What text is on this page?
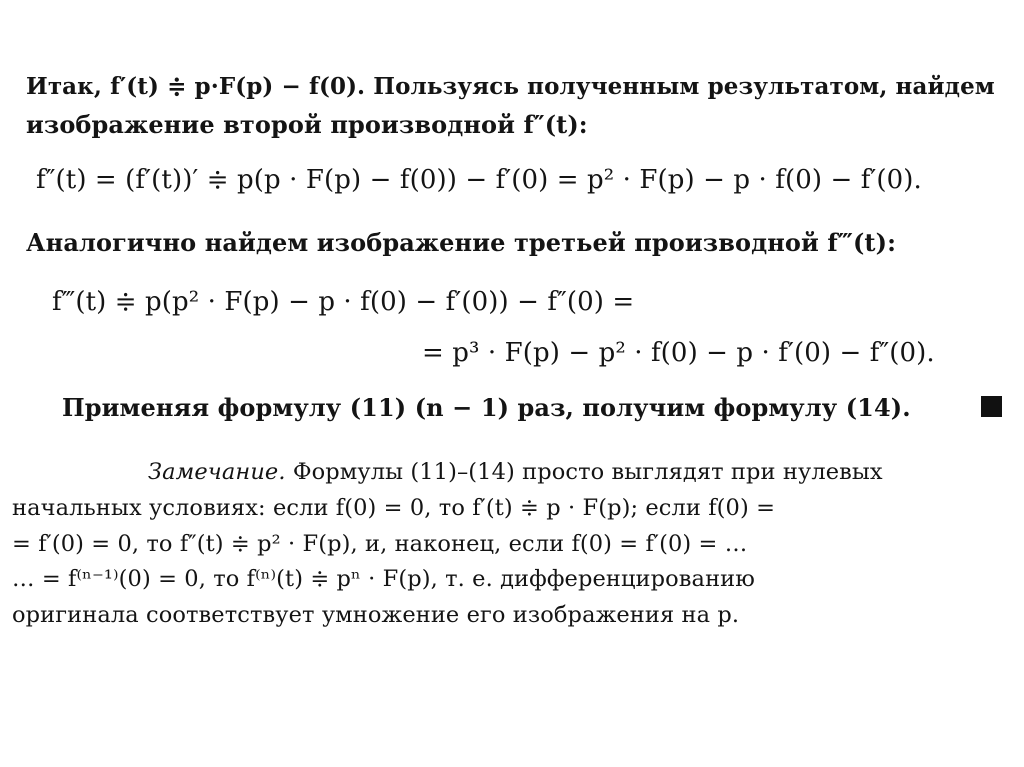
Итак, f′(t) ≑ p·F(p) − f(0). Пользуясь полученным результатом, найдем
изображение второй производной f″(t):
f″(t) = (f′(t))′ ≑ p(p · F(p) − f(0)) − f′(0) = p² · F(p) − p · f(0) − f′(0).
Аналогично найдем изображение третьей производной f‴(t):
f‴(t) ≑ p(p² · F(p) − p · f(0) − f′(0)) − f″(0) =
= p³ · F(p) − p² · f(0) − p · f′(0) − f″(0).
Применяя формулу (11) (n − 1) раз, получим формулу (14).
Замечание. Формулы (11)–(14) просто выглядят при нулевых
начальных условиях: если f(0) = 0, то f′(t) ≑ p · F(p); если f(0) =
= f′(0) = 0, то f″(t) ≑ p² · F(p), и, наконец, если f(0) = f′(0) = …
… = f⁽ⁿ⁻¹⁾(0) = 0, то f⁽ⁿ⁾(t) ≑ pⁿ · F(p), т. е. дифференцированию
оригинала соответствует умножение его изображения на p.
